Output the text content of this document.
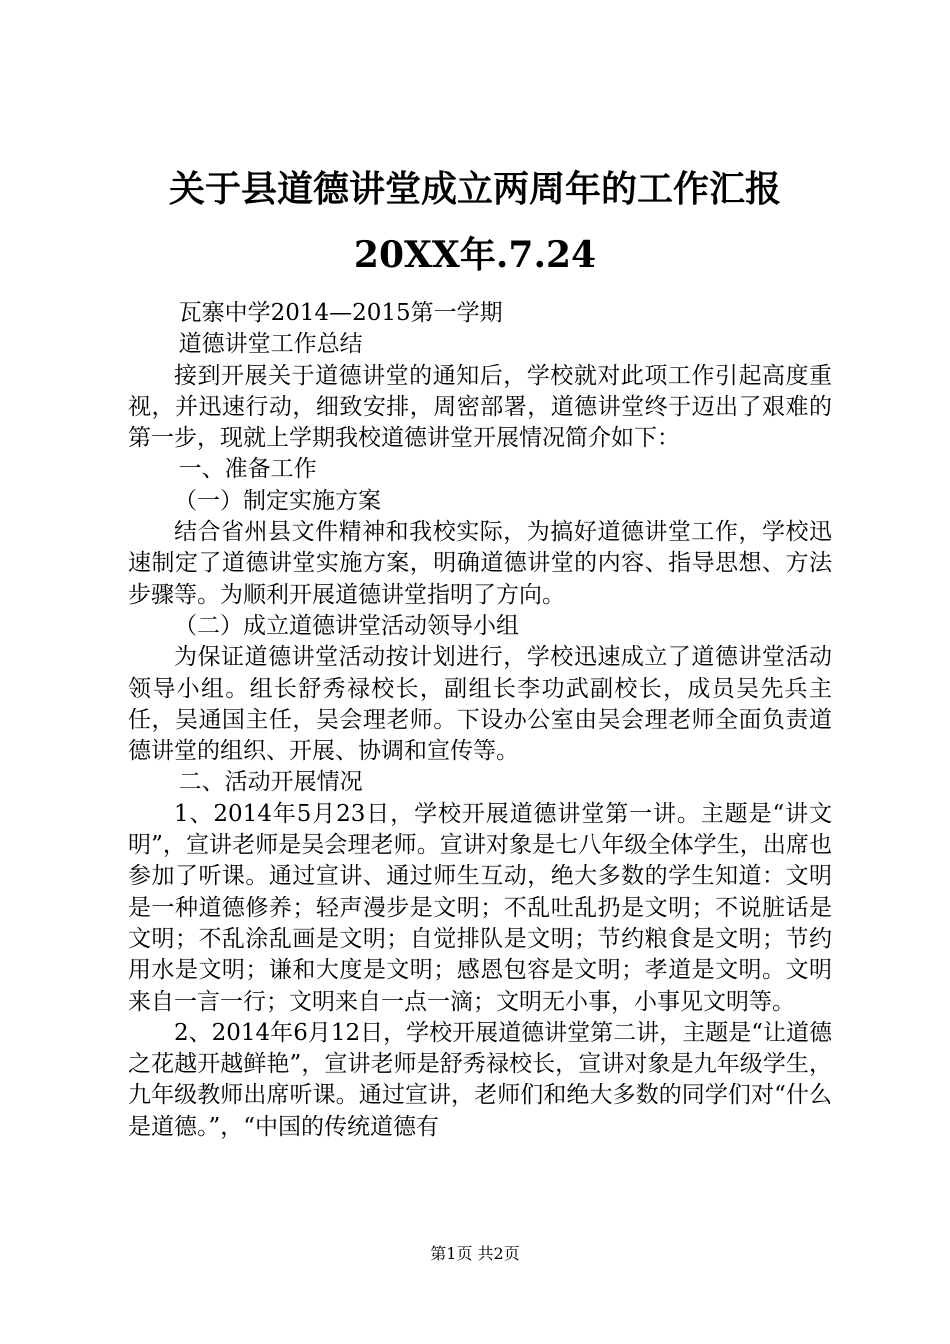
关于县道德讲堂成立两周年的工作汇报20XX年.7.24

瓦寨中学2014—2015第一学期

道德讲堂工作总结

接到开展关于道德讲堂的通知后，学校就对此项工作引起高度重视，并迅速行动，细致安排，周密部署，道德讲堂终于迈出了艰难的第一步，现就上学期我校道德讲堂开展情况简介如下：

一、准备工作

（一）制定实施方案

结合省州县文件精神和我校实际，为搞好道德讲堂工作，学校迅速制定了道德讲堂实施方案，明确道德讲堂的内容、指导思想、方法步骤等。为顺利开展道德讲堂指明了方向。

（二）成立道德讲堂活动领导小组

为保证道德讲堂活动按计划进行，学校迅速成立了道德讲堂活动领导小组。组长舒秀禄校长，副组长李功武副校长，成员吴先兵主任，吴通国主任，吴会理老师。下设办公室由吴会理老师全面负责道德讲堂的组织、开展、协调和宣传等。

二、活动开展情况

1、2014年5月23日，学校开展道德讲堂第一讲。主题是“讲文明”，宣讲老师是吴会理老师。宣讲对象是七八年级全体学生，出席也参加了听课。通过宣讲、通过师生互动，绝大多数的学生知道：文明是一种道德修养；轻声漫步是文明；不乱吐乱扔是文明；不说脏话是文明；不乱涂乱画是文明；自觉排队是文明；节约粮食是文明；节约用水是文明；谦和大度是文明；感恩包容是文明；孝道是文明。文明来自一言一行；文明来自一点一滴；文明无小事，小事见文明等。

2、2014年6月12日，学校开展道德讲堂第二讲，主题是“让道德之花越开越鲜艳”，宣讲老师是舒秀禄校长，宣讲对象是九年级学生，九年级教师出席听课。通过宣讲，老师们和绝大多数的同学们对“什么是道德。”，“中国的传统道德有

第1页 共2页
